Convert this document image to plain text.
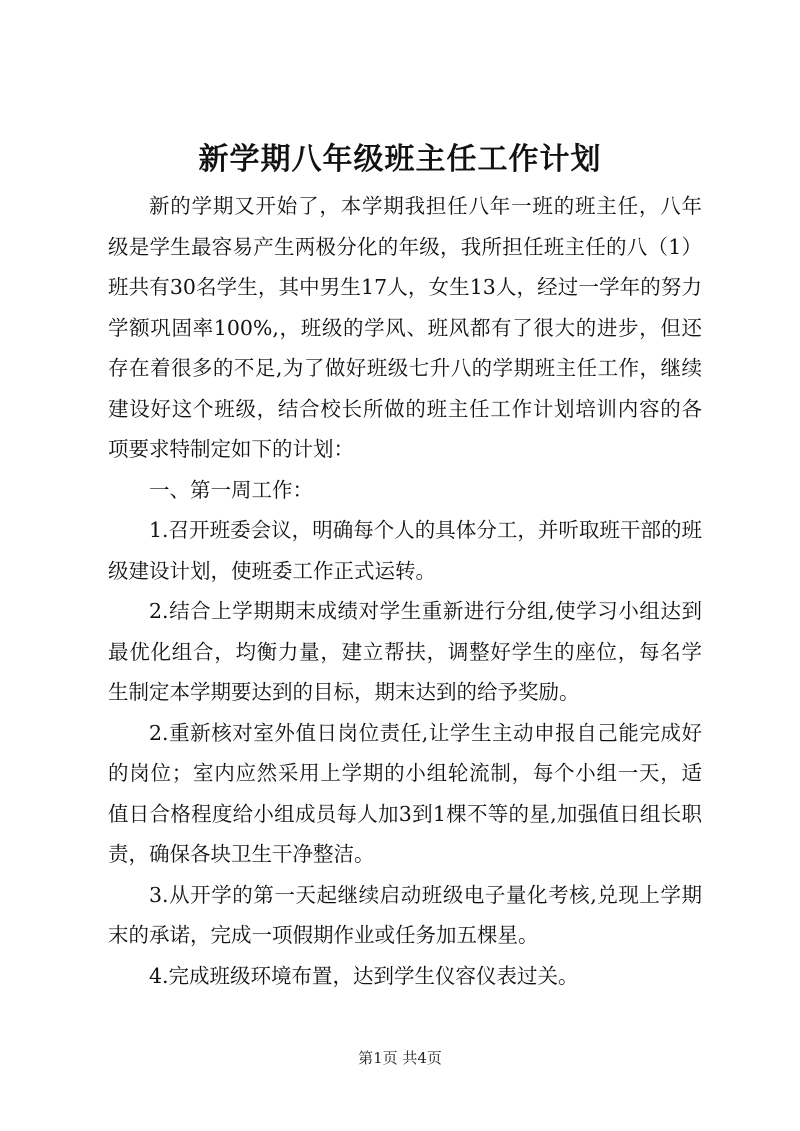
新学期八年级班主任工作计划

新的学期又开始了，本学期我担任八年一班的班主任，八年级是学生最容易产生两极分化的年级，我所担任班主任的八（1）班共有30名学生，其中男生17人，女生13人，经过一学年的努力学额巩固率100%,，班级的学风、班风都有了很大的进步，但还存在着很多的不足,为了做好班级七升八的学期班主任工作，继续建设好这个班级，结合校长所做的班主任工作计划培训内容的各项要求特制定如下的计划：

一、第一周工作：

1.召开班委会议，明确每个人的具体分工，并听取班干部的班级建设计划，使班委工作正式运转。

2.结合上学期期末成绩对学生重新进行分组,使学习小组达到最优化组合，均衡力量，建立帮扶，调整好学生的座位，每名学生制定本学期要达到的目标，期末达到的给予奖励。

2.重新核对室外值日岗位责任,让学生主动申报自己能完成好的岗位；室内应然采用上学期的小组轮流制，每个小组一天，适值日合格程度给小组成员每人加3到1棵不等的星,加强值日组长职责，确保各块卫生干净整洁。

3.从开学的第一天起继续启动班级电子量化考核,兑现上学期末的承诺，完成一项假期作业或任务加五棵星。

4.完成班级环境布置，达到学生仪容仪表过关。

第1页 共4页
